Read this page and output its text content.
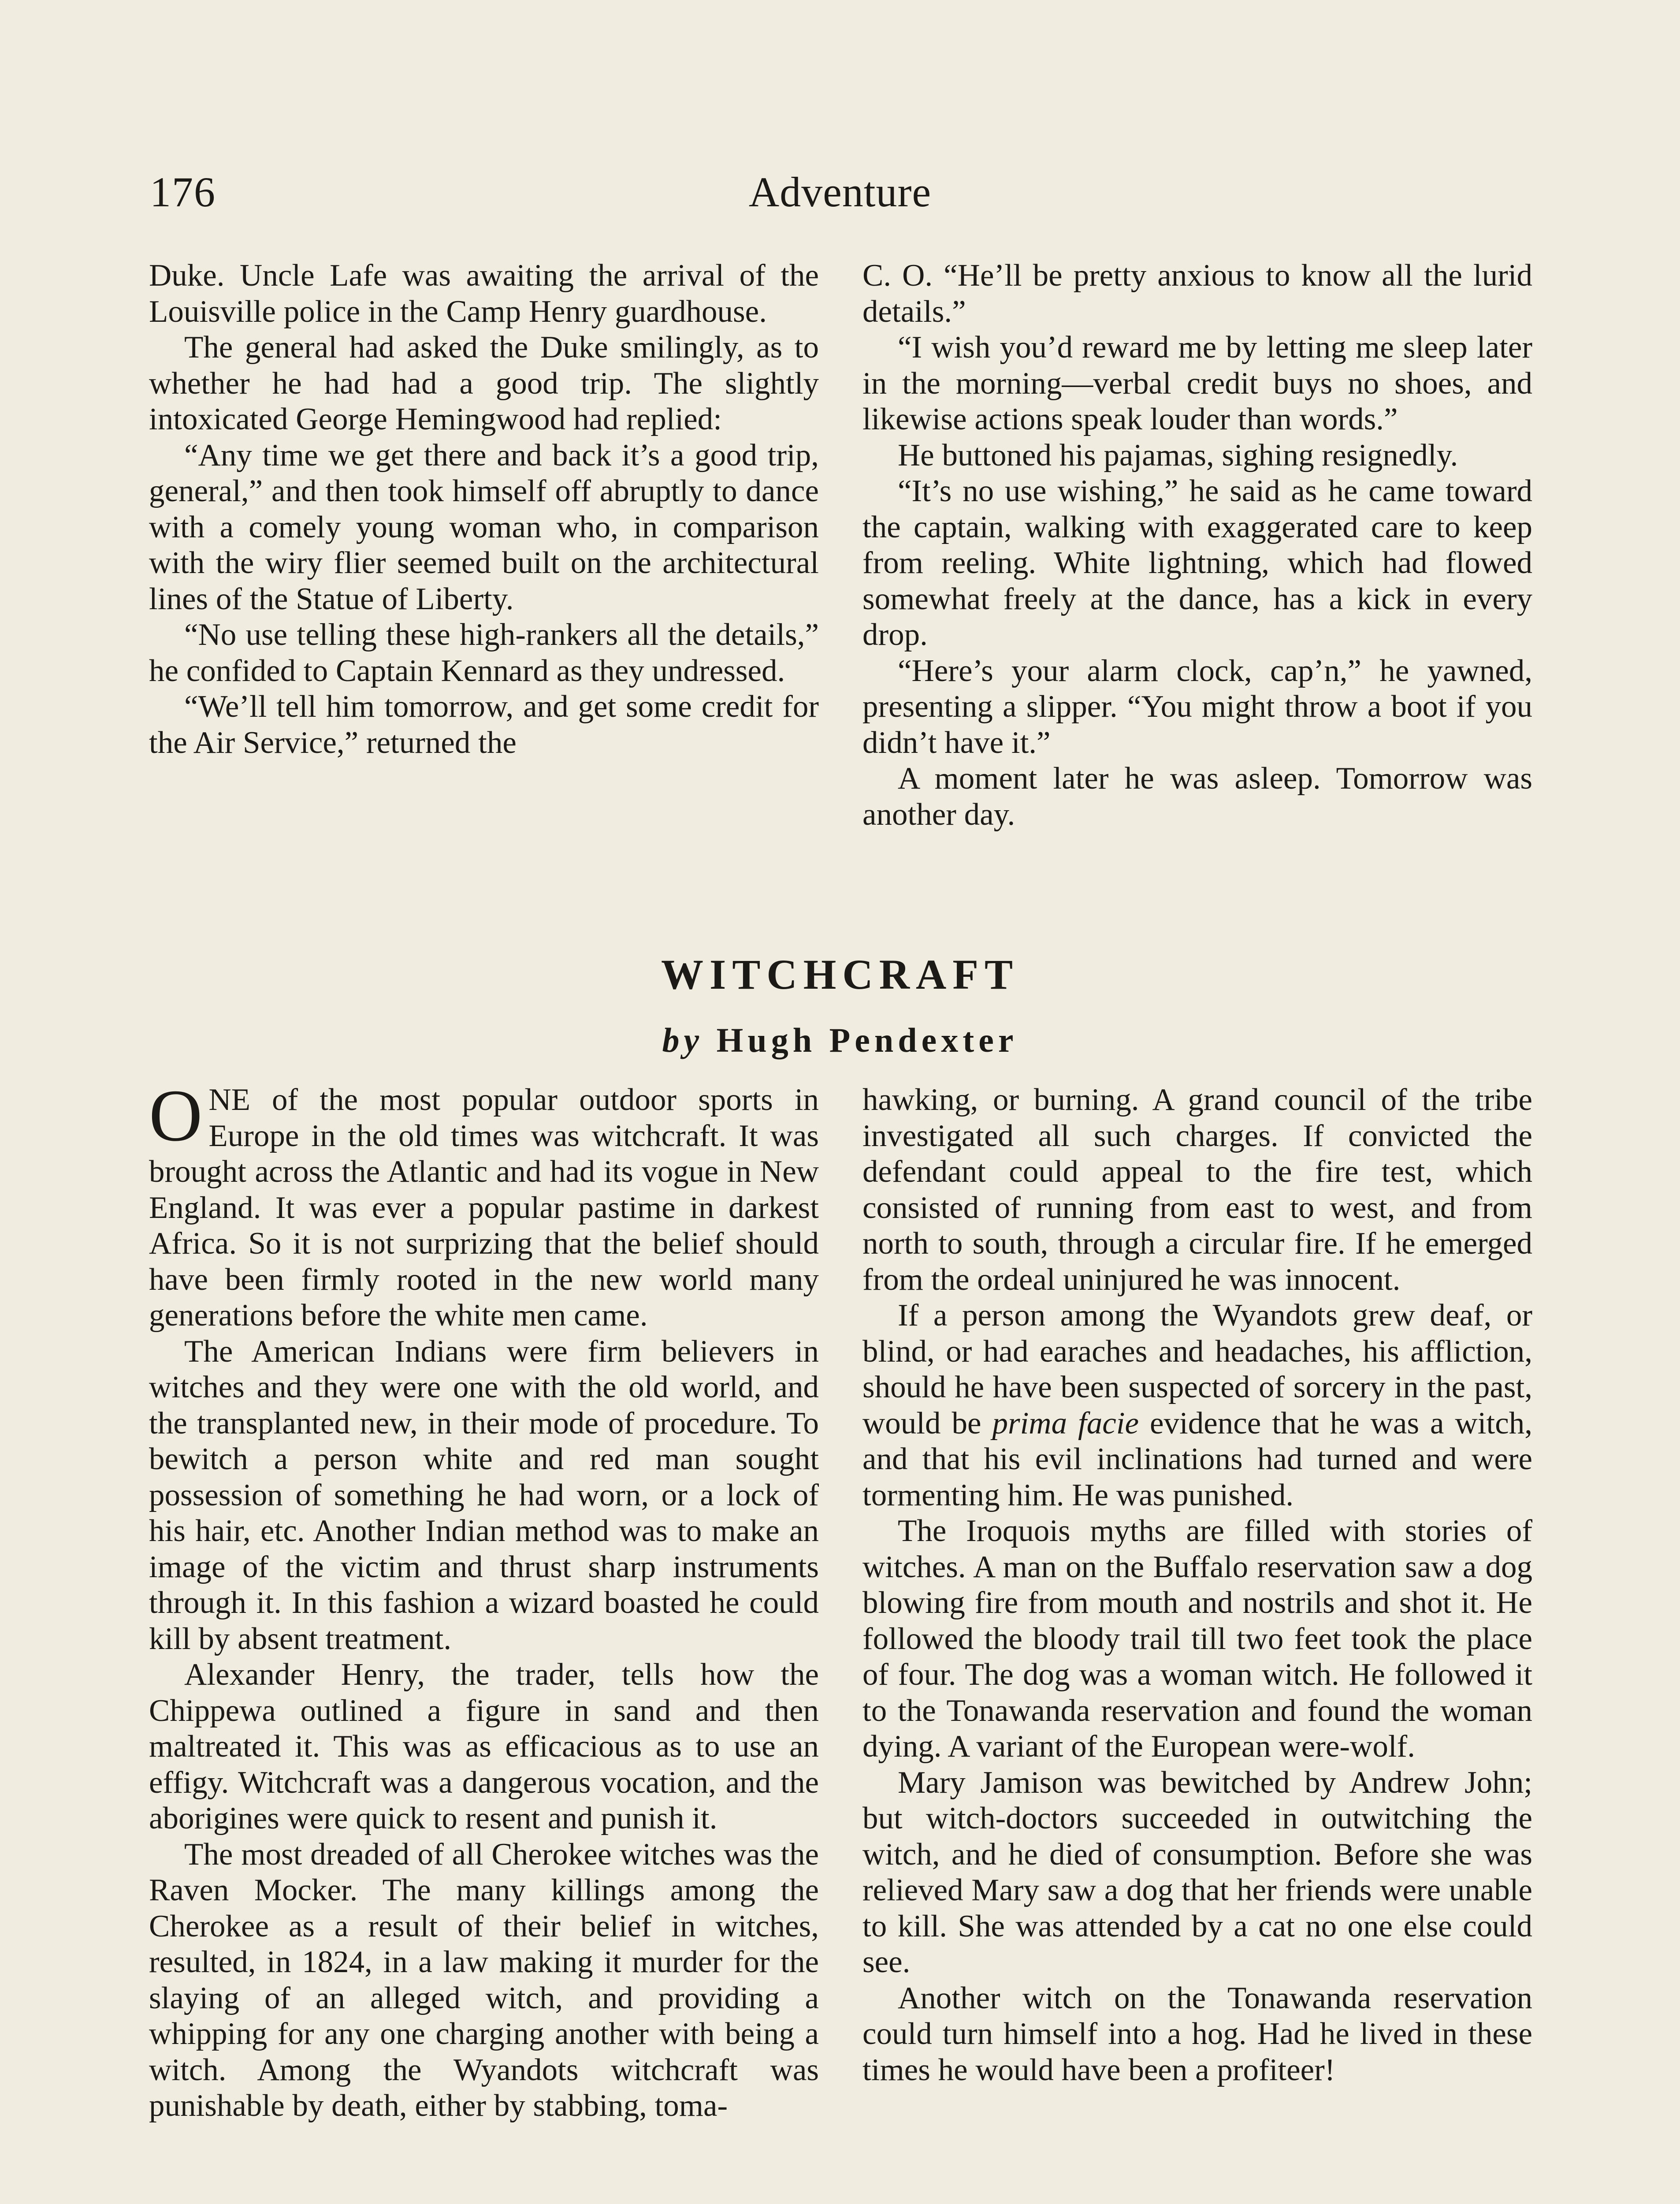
176	Adventure

Duke. Uncle Lafe was awaiting the arrival of the Louisville police in the Camp Henry guardhouse.

The general had asked the Duke smilingly, as to whether he had had a good trip. The slightly intoxicated George Hemingwood had replied:

“Any time we get there and back it’s a good trip, general,” and then took himself off abruptly to dance with a comely young woman who, in comparison with the wiry flier seemed built on the architectural lines of the Statue of Liberty.

“No use telling these high-rankers all the details,” he confided to Captain Kennard as they undressed.

“We’ll tell him tomorrow, and get some credit for the Air Service,” returned the

C. O. “He’ll be pretty anxious to know all the lurid details.”

“I wish you’d reward me by letting me sleep later in the morning—verbal credit buys no shoes, and likewise actions speak louder than words.”

He buttoned his pajamas, sighing resignedly.

“It’s no use wishing,” he said as he came toward the captain, walking with exaggerated care to keep from reeling. White lightning, which had flowed somewhat freely at the dance, has a kick in every drop.

“Here’s your alarm clock, cap’n,” he yawned, presenting a slipper. “You might throw a boot if you didn’t have it.”

A moment later he was asleep. Tomorrow was another day.

WITCHCRAFT
by Hugh Pendexter

ONE of the most popular outdoor sports in Europe in the old times was witchcraft. It was brought across the Atlantic and had its vogue in New England. It was ever a popular pastime in darkest Africa. So it is not surprizing that the belief should have been firmly rooted in the new world many generations before the white men came.

The American Indians were firm believers in witches and they were one with the old world, and the transplanted new, in their mode of procedure. To bewitch a person white and red man sought possession of something he had worn, or a lock of his hair, etc. Another Indian method was to make an image of the victim and thrust sharp instruments through it. In this fashion a wizard boasted he could kill by absent treatment.

Alexander Henry, the trader, tells how the Chippewa outlined a figure in sand and then maltreated it. This was as efficacious as to use an effigy. Witchcraft was a dangerous vocation, and the aborigines were quick to resent and punish it.

The most dreaded of all Cherokee witches was the Raven Mocker. The many killings among the Cherokee as a result of their belief in witches, resulted, in 1824, in a law making it murder for the slaying of an alleged witch, and providing a whipping for any one charging another with being a witch. Among the Wyandots witchcraft was punishable by death, either by stabbing, toma-

hawking, or burning. A grand council of the tribe investigated all such charges. If convicted the defendant could appeal to the fire test, which consisted of running from east to west, and from north to south, through a circular fire. If he emerged from the ordeal uninjured he was innocent.

If a person among the Wyandots grew deaf, or blind, or had earaches and headaches, his affliction, should he have been suspected of sorcery in the past, would be prima facie evidence that he was a witch, and that his evil inclinations had turned and were tormenting him. He was punished.

The Iroquois myths are filled with stories of witches. A man on the Buffalo reservation saw a dog blowing fire from mouth and nostrils and shot it. He followed the bloody trail till two feet took the place of four. The dog was a woman witch. He followed it to the Tonawanda reservation and found the woman dying. A variant of the European were-wolf.

Mary Jamison was bewitched by Andrew John; but witch-doctors succeeded in outwitching the witch, and he died of consumption. Before she was relieved Mary saw a dog that her friends were unable to kill. She was attended by a cat no one else could see.

Another witch on the Tonawanda reservation could turn himself into a hog. Had he lived in these times he would have been a profiteer!
